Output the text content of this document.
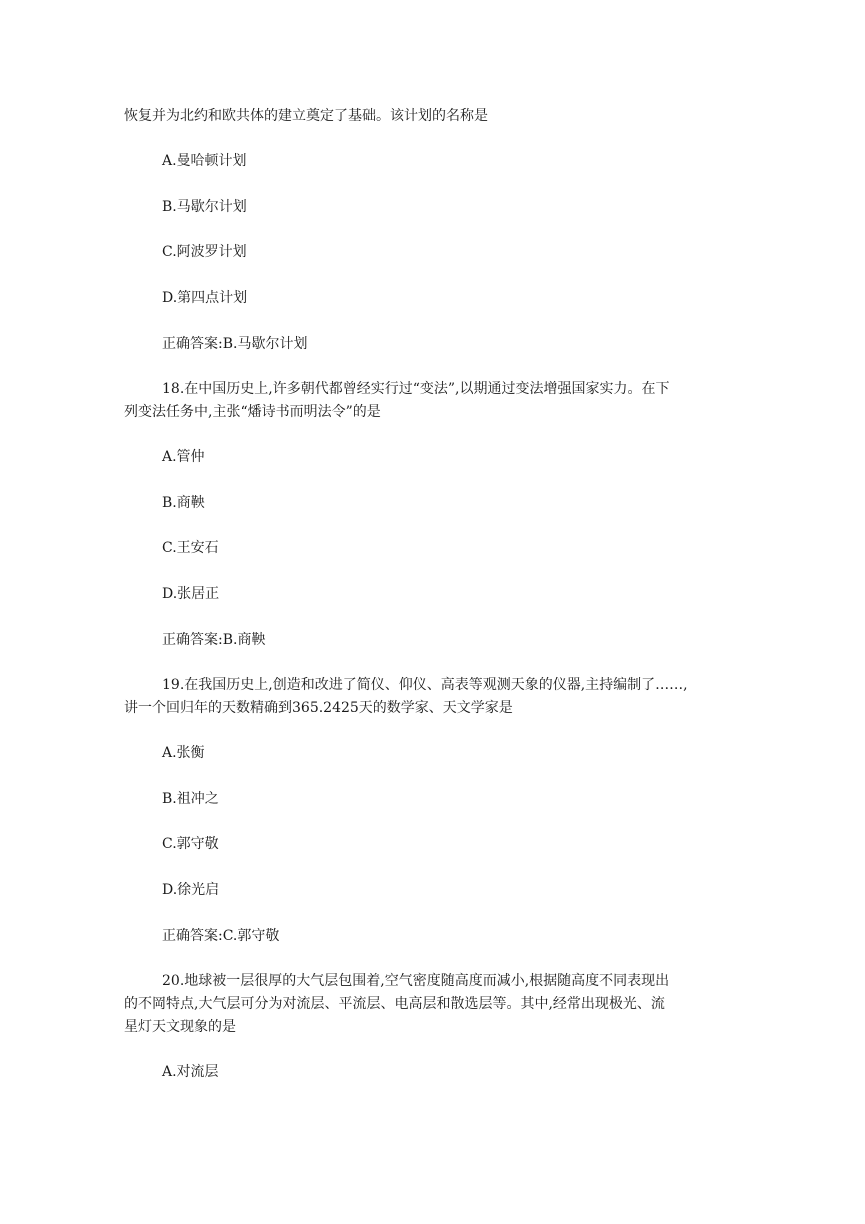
恢复并为北约和欧共体的建立奠定了基础。该计划的名称是
A.曼哈顿计划
B.马歇尔计划
C.阿波罗计划
D.第四点计划
正确答案:B.马歇尔计划
18.在中国历史上,许多朝代都曾经实行过“变法”,以期通过变法增强国家实力。在下
列变法任务中,主张“燔诗书而明法令”的是
A.管仲
B.商鞅
C.王安石
D.张居正
正确答案:B.商鞅
19.在我国历史上,创造和改进了简仪、仰仪、高表等观测天象的仪器,主持编制了……,
讲一个回归年的天数精确到365.2425天的数学家、天文学家是
A.张衡
B.祖冲之
C.郭守敬
D.徐光启
正确答案:C.郭守敬
20.地球被一层很厚的大气层包围着,空气密度随高度而减小,根据随高度不同表现出
的不岡特点,大气层可分为对流层、平流层、电高层和散选层等。其中,经常出现极光、流
星灯天文现象的是
A.对流层
